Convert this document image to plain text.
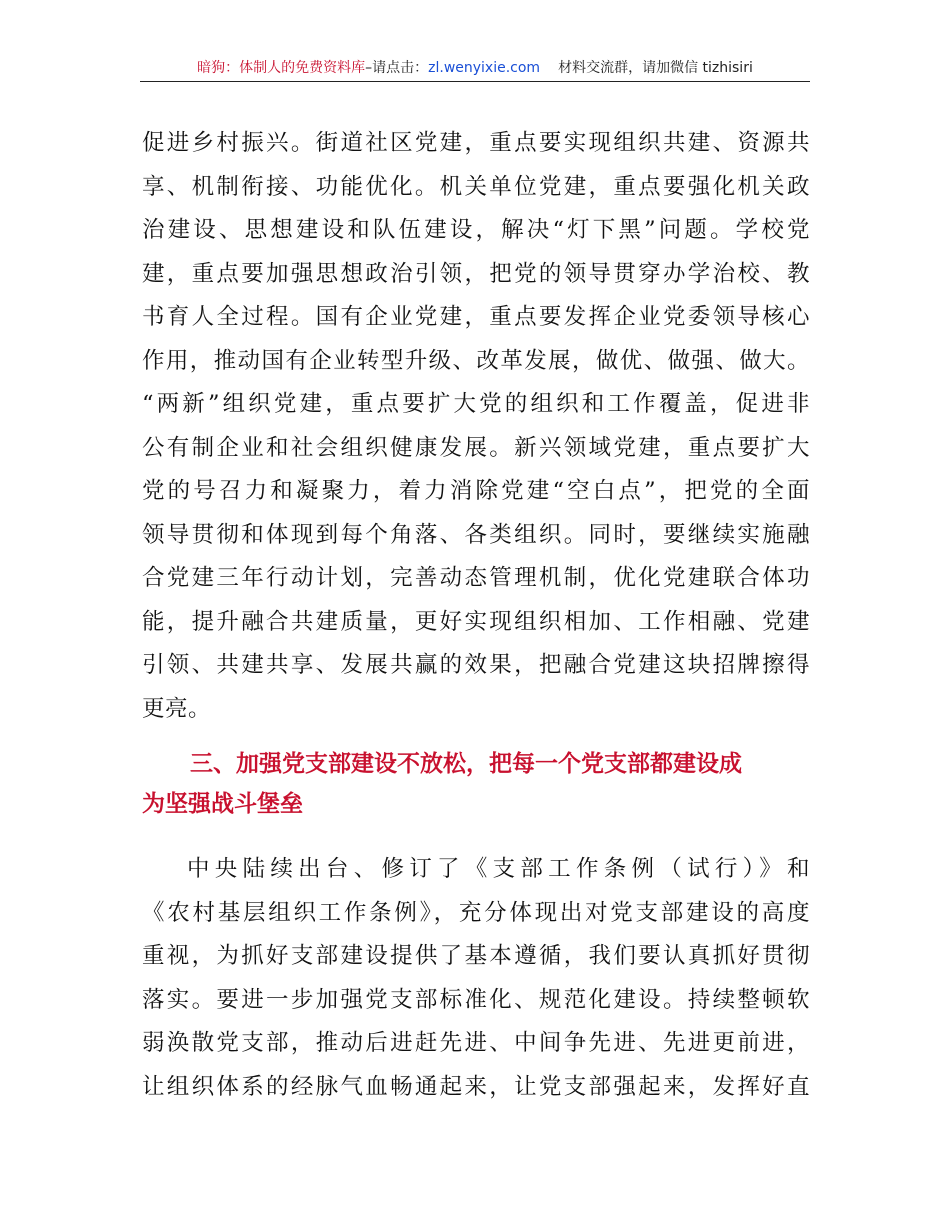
暗狗：体制人的免费资料库–请点击：zl.wenyixie.com 材料交流群，请加微信 tizhisiri
促进乡村振兴。街道社区党建，重点要实现组织共建、资源共
享、机制衔接、功能优化。机关单位党建，重点要强化机关政
治建设、思想建设和队伍建设，解决“灯下黑”问题。学校党
建，重点要加强思想政治引领，把党的领导贯穿办学治校、教
书育人全过程。国有企业党建，重点要发挥企业党委领导核心
作用，推动国有企业转型升级、改革发展，做优、做强、做大。
“两新”组织党建，重点要扩大党的组织和工作覆盖，促进非
公有制企业和社会组织健康发展。新兴领域党建，重点要扩大
党的号召力和凝聚力，着力消除党建“空白点”，把党的全面
领导贯彻和体现到每个角落、各类组织。同时，要继续实施融
合党建三年行动计划，完善动态管理机制，优化党建联合体功
能，提升融合共建质量，更好实现组织相加、工作相融、党建
引领、共建共享、发展共赢的效果，把融合党建这块招牌擦得
更亮。
三、加强党支部建设不放松，把每一个党支部都建设成
为坚强战斗堡垒
中央陆续出台、修订了《支部工作条例（试行）》和
《农村基层组织工作条例》，充分体现出对党支部建设的高度
重视，为抓好支部建设提供了基本遵循，我们要认真抓好贯彻
落实。要进一步加强党支部标准化、规范化建设。持续整顿软
弱涣散党支部，推动后进赶先进、中间争先进、先进更前进，
让组织体系的经脉气血畅通起来，让党支部强起来，发挥好直
